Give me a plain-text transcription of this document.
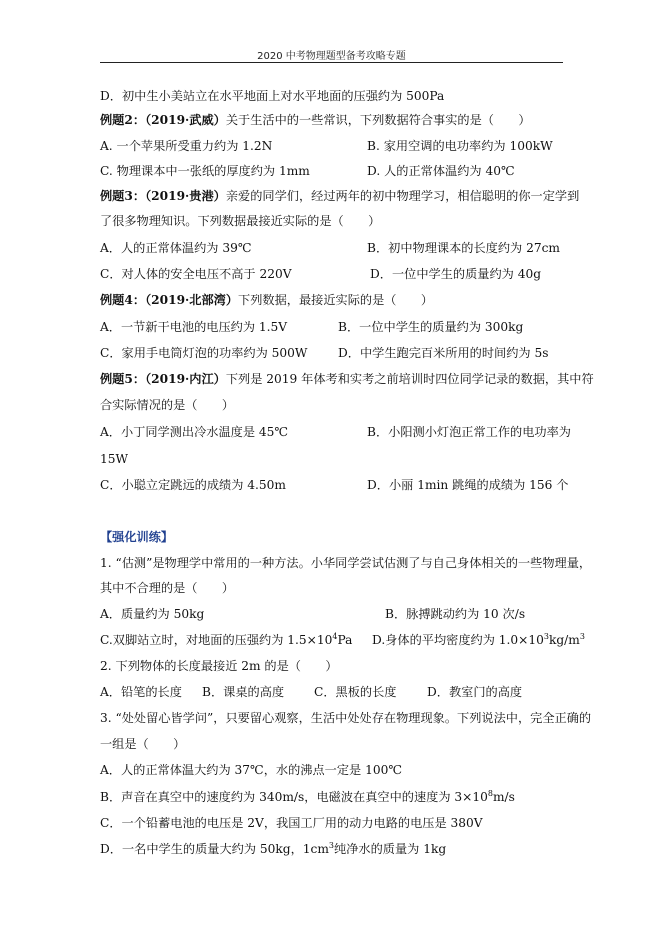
2020 中考物理题型备考攻略专题
D．初中生小美站立在水平地面上对水平地面的压强约为 500Pa
例题2：（2019·武威）关于生活中的一些常识，下列数据符合事实的是（　　）
A. 一个苹果所受重力约为 1.2N	B. 家用空调的电功率约为 100kW
C. 物理课本中一张纸的厚度约为 1mm	D. 人的正常体温约为 40℃
例题3：（2019·贵港）亲爱的同学们，经过两年的初中物理学习，相信聪明的你一定学到
了很多物理知识。下列数据最接近实际的是（　　）
A．人的正常体温约为 39℃	B．初中物理课本的长度约为 27cm
C．对人体的安全电压不高于 220V	D．一位中学生的质量约为 40g
例题4：（2019·北部湾）下列数据，最接近实际的是（　　）
A．一节新干电池的电压约为 1.5V	B．一位中学生的质量约为 300kg
C．家用手电筒灯泡的功率约为 500W	D．中学生跑完百米所用的时间约为 5s
例题5：（2019·内江）下列是 2019 年体考和实考之前培训时四位同学记录的数据，其中符
合实际情况的是（　　）
A．小丁同学测出冷水温度是 45℃	B．小阳测小灯泡正常工作的电功率为
15W
C．小聪立定跳远的成绩为 4.50m	D．小丽 1min 跳绳的成绩为 156 个
【强化训练】
1. “估测”是物理学中常用的一种方法。小华同学尝试估测了与自己身体相关的一些物理量，
其中不合理的是（　　）
A．质量约为 50kg	B．脉搏跳动约为 10 次/s
C.双脚站立时，对地面的压强约为 $1.5\times 10^4Pa$ D.身体的平均密度约为 $1.0\times 10^3kg/m^3$
2. 下列物体的长度最接近 2m 的是（　　）
A．铅笔的长度 B．课桌的高度 C．黑板的长度	D．教室门的高度
3. “处处留心皆学问”，只要留心观察，生活中处处存在物理现象。下列说法中，完全正确的
一组是（　　）
A．人的正常体温大约为 37℃，水的沸点一定是 100℃
B．声音在真空中的速度约为 340m/s，电磁波在真空中的速度为 $3\times 10^8m/s$
C．一个铅蓄电池的电压是 2V，我国工厂用的动力电路的电压是 380V
D．一名中学生的质量大约为 50kg，$1cm^3$纯净水的质量为 1kg
